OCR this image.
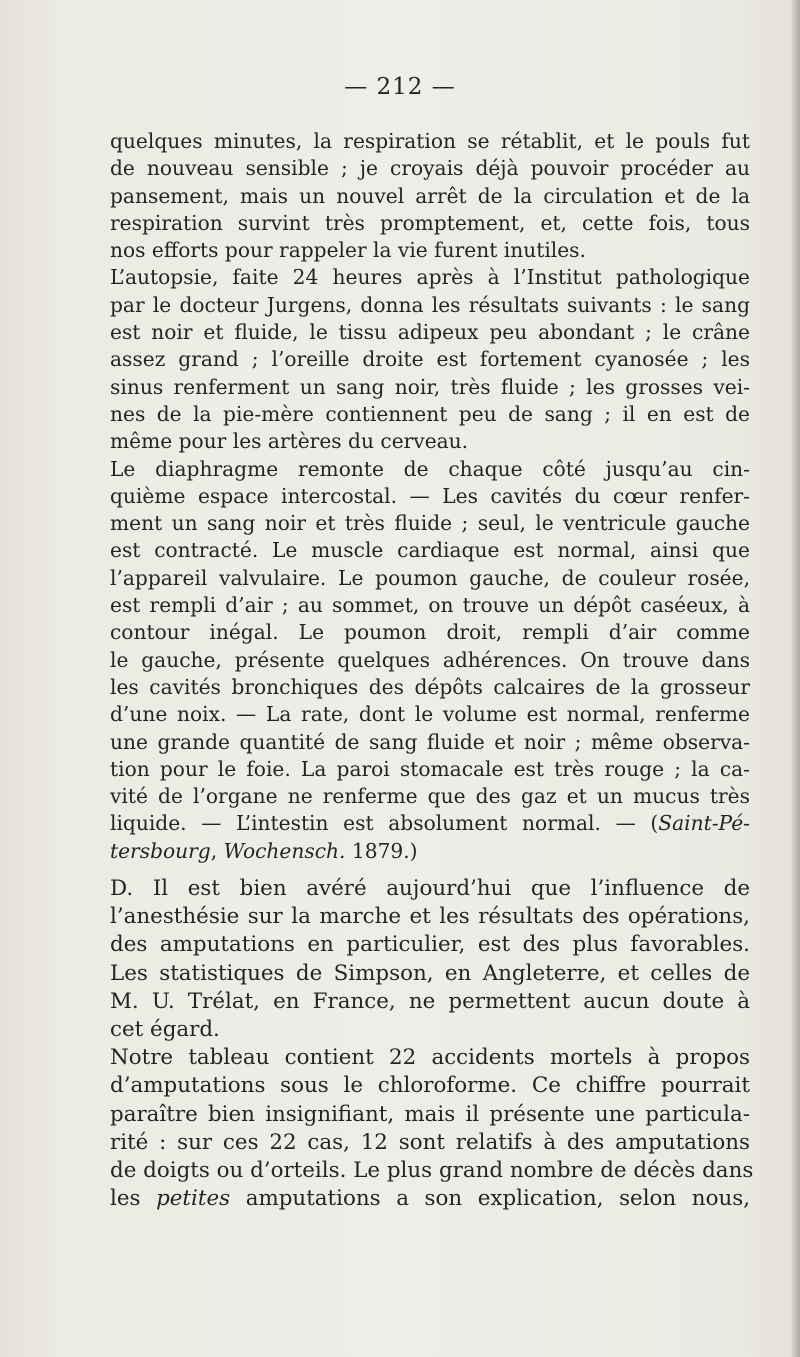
— 212 —

quelques minutes, la respiration se rétablit, et le pouls fut
de nouveau sensible ; je croyais déjà pouvoir procéder au
pansement, mais un nouvel arrêt de la circulation et de la
respiration survint très promptement, et, cette fois, tous
nos efforts pour rappeler la vie furent inutiles.

L’autopsie, faite 24 heures après à l’Institut pathologique
par le docteur Jurgens, donna les résultats suivants : le sang
est noir et fluide, le tissu adipeux peu abondant ; le crâne
assez grand ; l’oreille droite est fortement cyanosée ; les
sinus renferment un sang noir, très fluide ; les grosses vei-
nes de la pie-mère contiennent peu de sang ; il en est de
même pour les artères du cerveau.

Le diaphragme remonte de chaque côté jusqu’au cin-
quième espace intercostal. — Les cavités du cœur renfer-
ment un sang noir et très fluide ; seul, le ventricule gauche
est contracté. Le muscle cardiaque est normal, ainsi que
l’appareil valvulaire. Le poumon gauche, de couleur rosée,
est rempli d’air ; au sommet, on trouve un dépôt caséeux, à
contour inégal. Le poumon droit, rempli d’air comme
le gauche, présente quelques adhérences. On trouve dans
les cavités bronchiques des dépôts calcaires de la grosseur
d’une noix. — La rate, dont le volume est normal, renferme
une grande quantité de sang fluide et noir ; même observa-
tion pour le foie. La paroi stomacale est très rouge ; la ca-
vité de l’organe ne renferme que des gaz et un mucus très
liquide. — L’intestin est absolument normal. — (Saint-Pé-
tersbourg, Wochensch. 1879.)

D. Il est bien avéré aujourd’hui que l’influence de
l’anesthésie sur la marche et les résultats des opérations,
des amputations en particulier, est des plus favorables.
Les statistiques de Simpson, en Angleterre, et celles de
M. U. Trélat, en France, ne permettent aucun doute à
cet égard.

Notre tableau contient 22 accidents mortels à propos
d’amputations sous le chloroforme. Ce chiffre pourrait
paraître bien insignifiant, mais il présente une particula-
rité : sur ces 22 cas, 12 sont relatifs à des amputations
de doigts ou d’orteils. Le plus grand nombre de décès dans
les petites amputations a son explication, selon nous,
